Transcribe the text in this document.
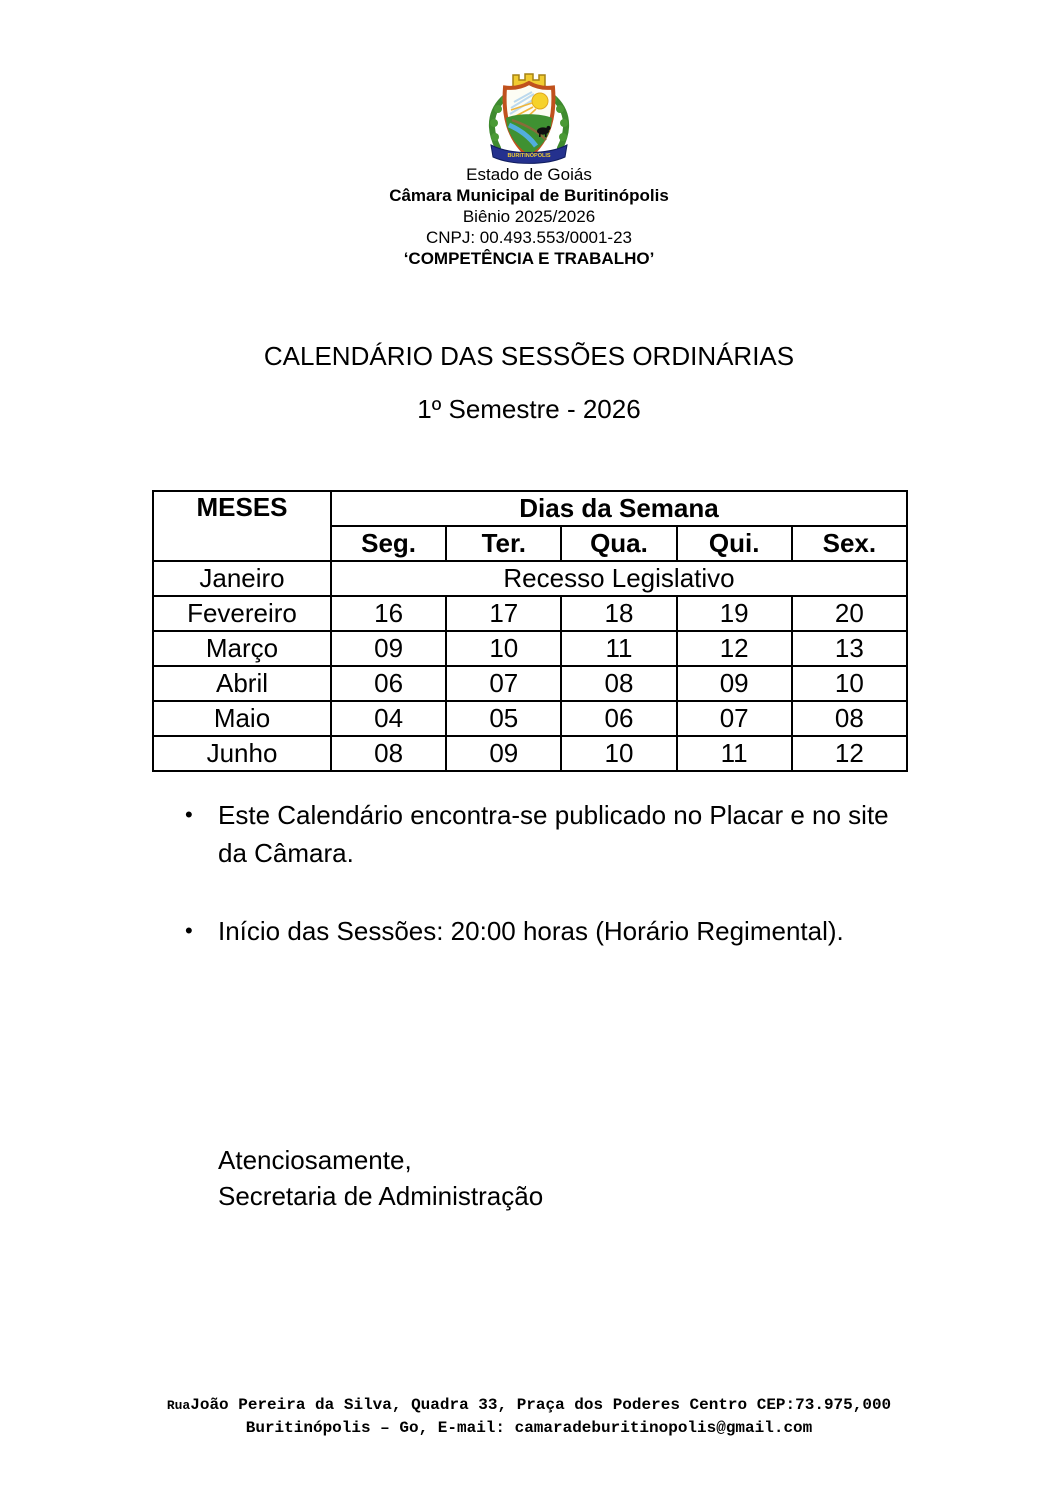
BURITINÓPOLIS
Estado de Goiás
Câmara Municipal de Buritinópolis
Biênio 2025/2026
CNPJ: 00.493.553/0001-23
‘COMPETÊNCIA E TRABALHO’
CALENDÁRIO DAS SESSÕES ORDINÁRIAS
1º Semestre - 2026
MESES	Dias da Semana				
	Seg.	Ter.	Qua.	Qui.	Sex.
Janeiro	Recesso Legislativo				
Fevereiro	16	17	18	19	20
Março	09	10	11	12	13
Abril	06	07	08	09	10
Maio	04	05	06	07	08
Junho	08	09	10	11	12
• Este Calendário encontra-se publicado no Placar e no site da Câmara.
• Início das Sessões: 20:00 horas (Horário Regimental).
Atenciosamente,
Secretaria de Administração
RuaJoão Pereira da Silva, Quadra 33, Praça dos Poderes Centro CEP:73.975,000
Buritinópolis – Go, E-mail: camaradeburitinopolis@gmail.com
